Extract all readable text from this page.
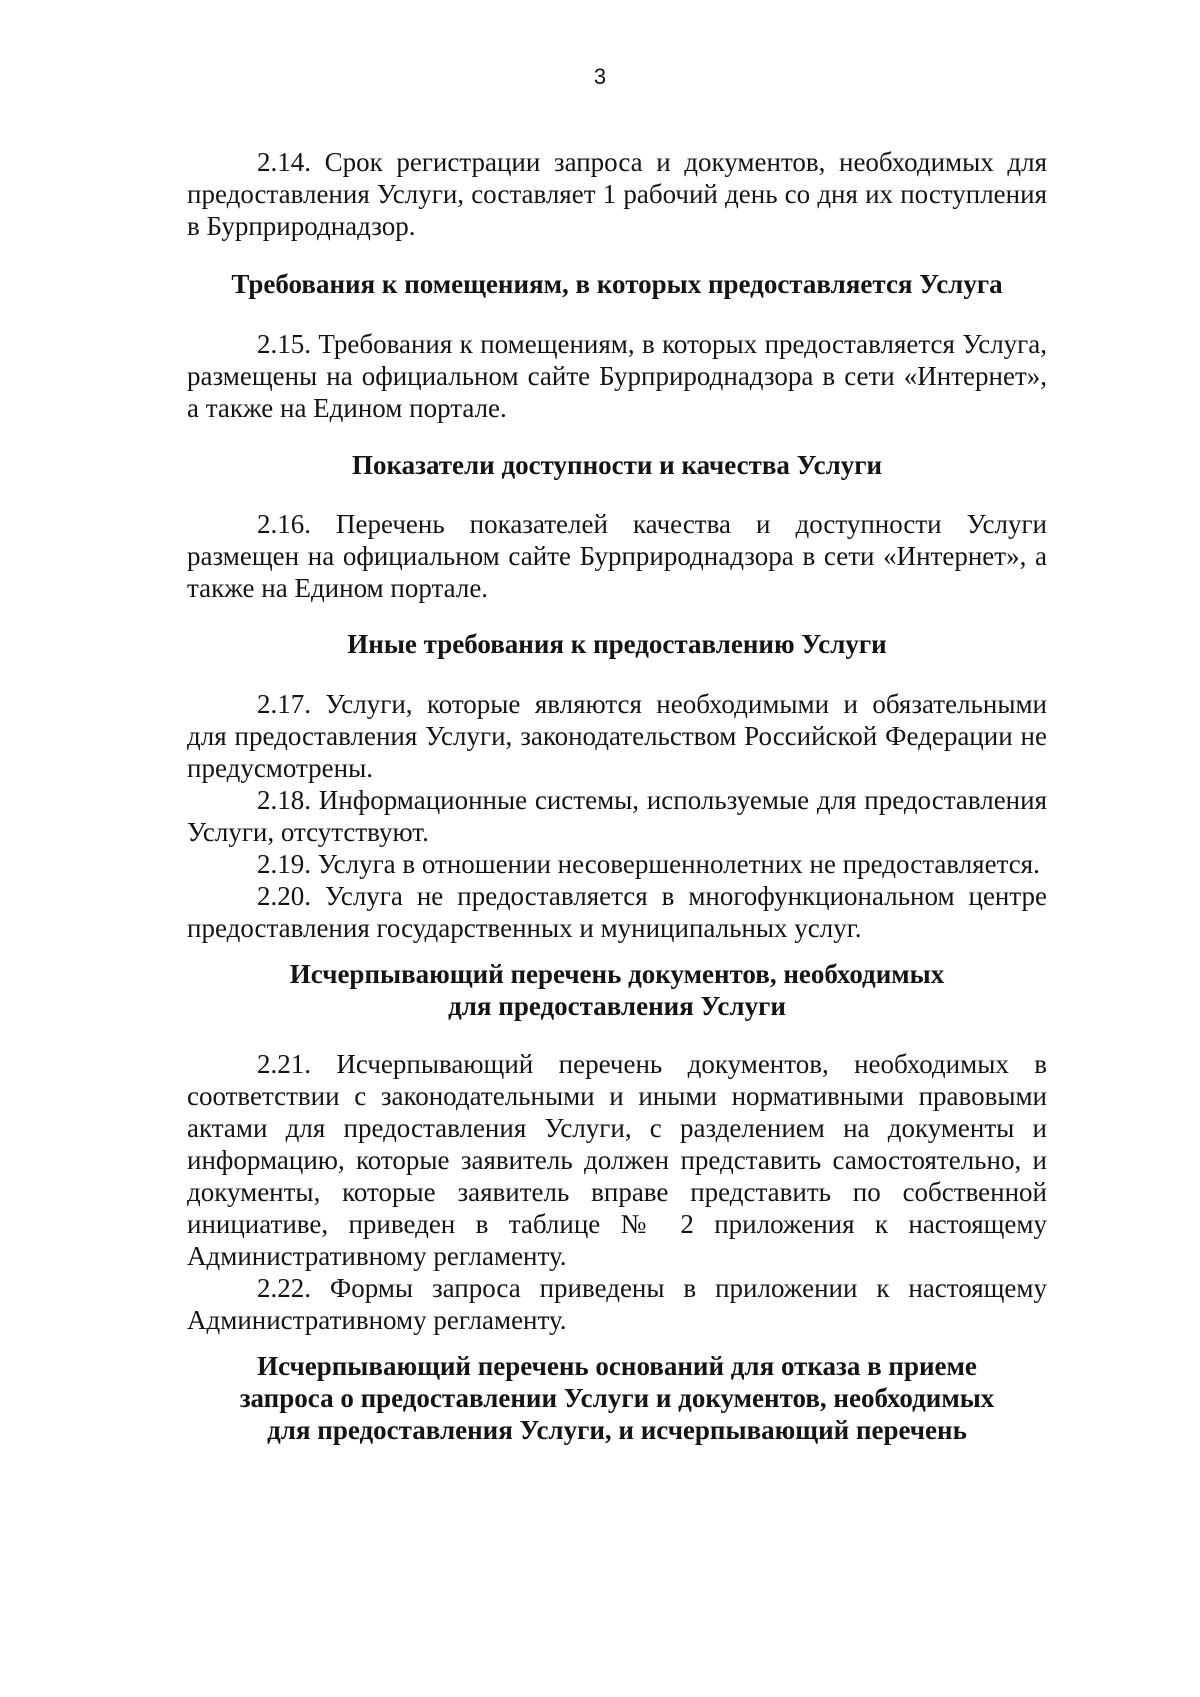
3

2.14. Срок регистрации запроса и документов, необходимых для предоставления Услуги, составляет 1 рабочий день со дня их поступления в Бурприроднадзор.

Требования к помещениям, в которых предоставляется Услуга

2.15. Требования к помещениям, в которых предоставляется Услуга, размещены на официальном сайте Бурприроднадзора в сети «Интернет», а также на Едином портале.

Показатели доступности и качества Услуги

2.16. Перечень показателей качества и доступности Услуги размещен на официальном сайте Бурприроднадзора в сети «Интернет», а также на Едином портале.

Иные требования к предоставлению Услуги

2.17. Услуги, которые являются необходимыми и обязательными для предоставления Услуги, законодательством Российской Федерации не предусмотрены.

2.18. Информационные системы, используемые для предоставления Услуги, отсутствуют.

2.19. Услуга в отношении несовершеннолетних не предоставляется.

2.20. Услуга не предоставляется в многофункциональном центре предоставления государственных и муниципальных услуг.

Исчерпывающий перечень документов, необходимых

для предоставления Услуги

2.21. Исчерпывающий перечень документов, необходимых в соответствии с законодательными и иными нормативными правовыми актами для предоставления Услуги, с разделением на документы и информацию, которые заявитель должен представить самостоятельно, и документы, которые заявитель вправе представить по собственной инициативе, приведен в таблице № 2 приложения к настоящему Административному регламенту.

2.22. Формы запроса приведены в приложении к настоящему Административному регламенту.

Исчерпывающий перечень оснований для отказа в приеме

запроса о предоставлении Услуги и документов, необходимых

для предоставления Услуги, и исчерпывающий перечень
